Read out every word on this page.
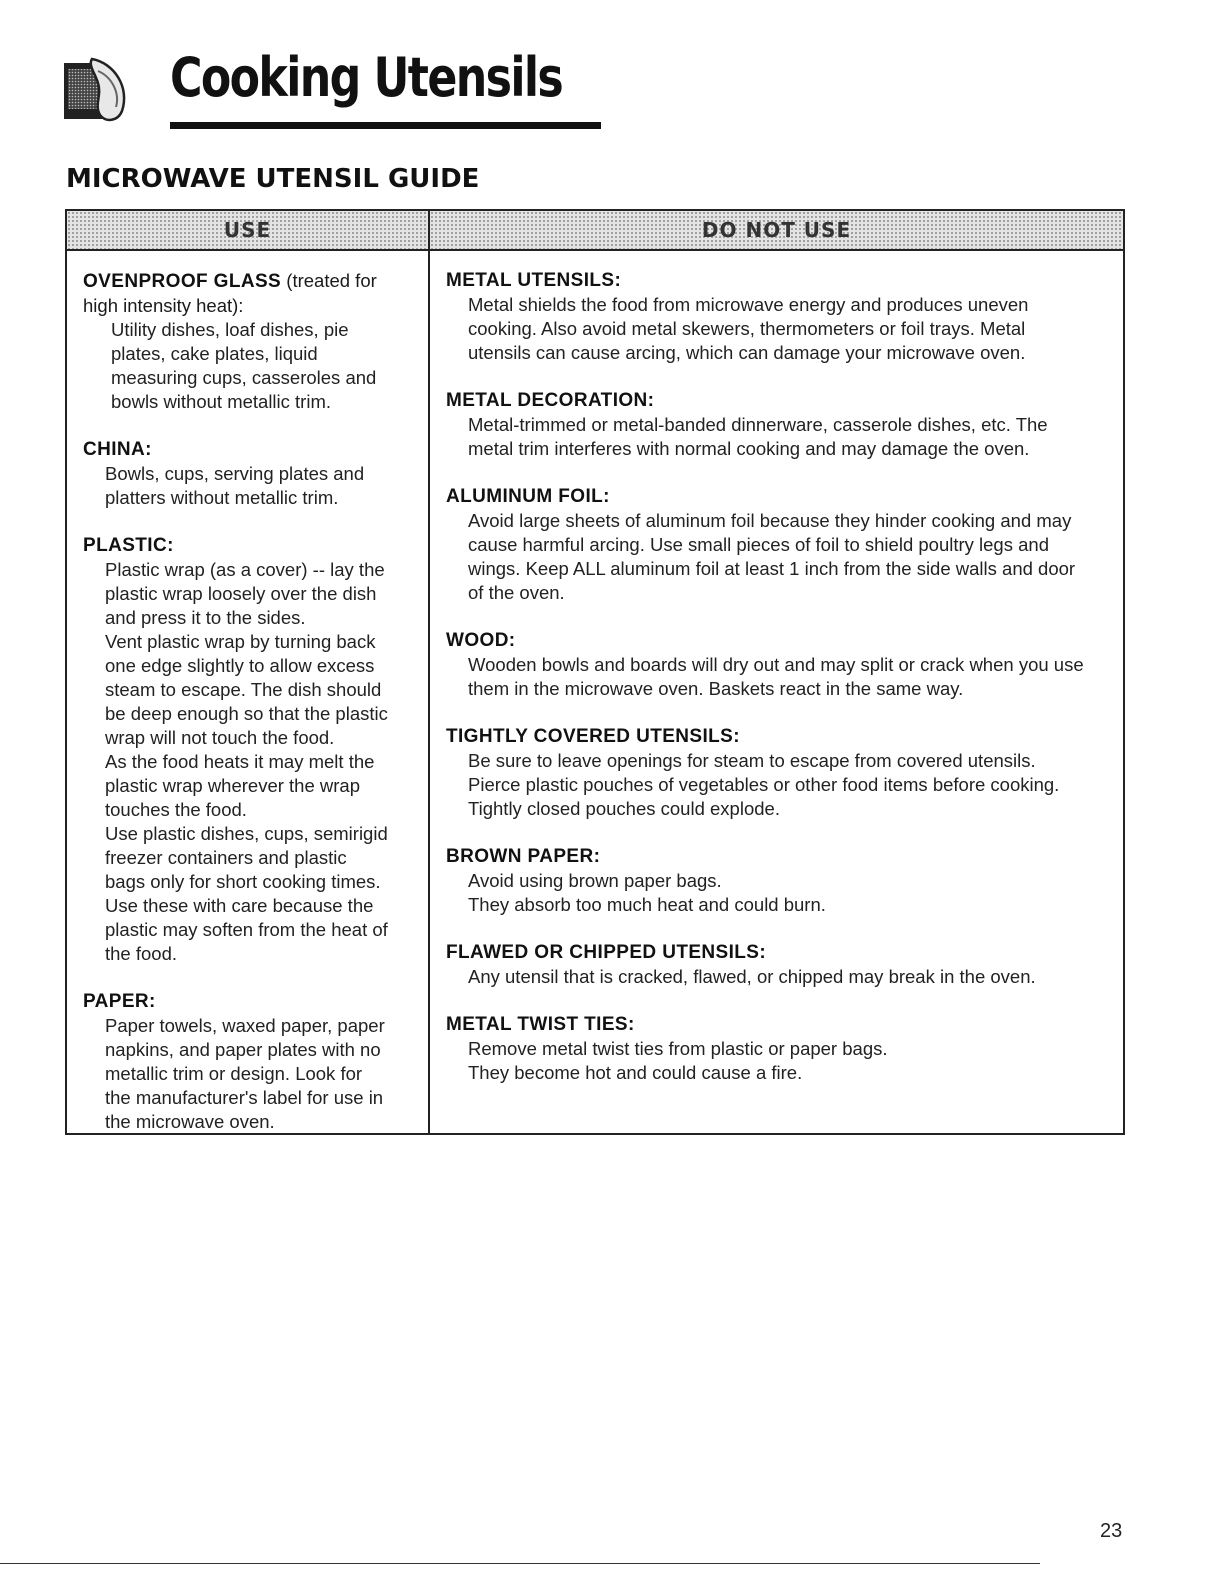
Cooking Utensils
MICROWAVE UTENSIL GUIDE
USE
OVENPROOF GLASS (treated for
high intensity heat):

Utility dishes, loaf dishes, pie
plates, cake plates, liquid
measuring cups, casseroles and
bowls without metallic trim.

CHINA:

Bowls, cups, serving plates and
platters without metallic trim.

PLASTIC:

Plastic wrap (as a cover) -- lay the
plastic wrap loosely over the dish
and press it to the sides.
Vent plastic wrap by turning back
one edge slightly to allow excess
steam to escape. The dish should
be deep enough so that the plastic
wrap will not touch the food.
As the food heats it may melt the
plastic wrap wherever the wrap
touches the food.
Use plastic dishes, cups, semirigid
freezer containers and plastic
bags only for short cooking times.
Use these with care because the
plastic may soften from the heat of
the food.

PAPER:

Paper towels, waxed paper, paper
napkins, and paper plates with no
metallic trim or design. Look for
the manufacturer's label for use in
the microwave oven.

DO NOT USE
METAL UTENSILS:

Metal shields the food from microwave energy and produces uneven
cooking. Also avoid metal skewers, thermometers or foil trays. Metal
utensils can cause arcing, which can damage your microwave oven.

METAL DECORATION:

Metal-trimmed or metal-banded dinnerware, casserole dishes, etc. The
metal trim interferes with normal cooking and may damage the oven.

ALUMINUM FOIL:

Avoid large sheets of aluminum foil because they hinder cooking and may
cause harmful arcing. Use small pieces of foil to shield poultry legs and
wings. Keep ALL aluminum foil at least 1 inch from the side walls and door
of the oven.

WOOD:

Wooden bowls and boards will dry out and may split or crack when you use
them in the microwave oven. Baskets react in the same way.

TIGHTLY COVERED UTENSILS:

Be sure to leave openings for steam to escape from covered utensils.
Pierce plastic pouches of vegetables or other food items before cooking.
Tightly closed pouches could explode.

BROWN PAPER:

Avoid using brown paper bags.
They absorb too much heat and could burn.

FLAWED OR CHIPPED UTENSILS:

Any utensil that is cracked, flawed, or chipped may break in the oven.

METAL TWIST TIES:

Remove metal twist ties from plastic or paper bags.
They become hot and could cause a fire.

23
